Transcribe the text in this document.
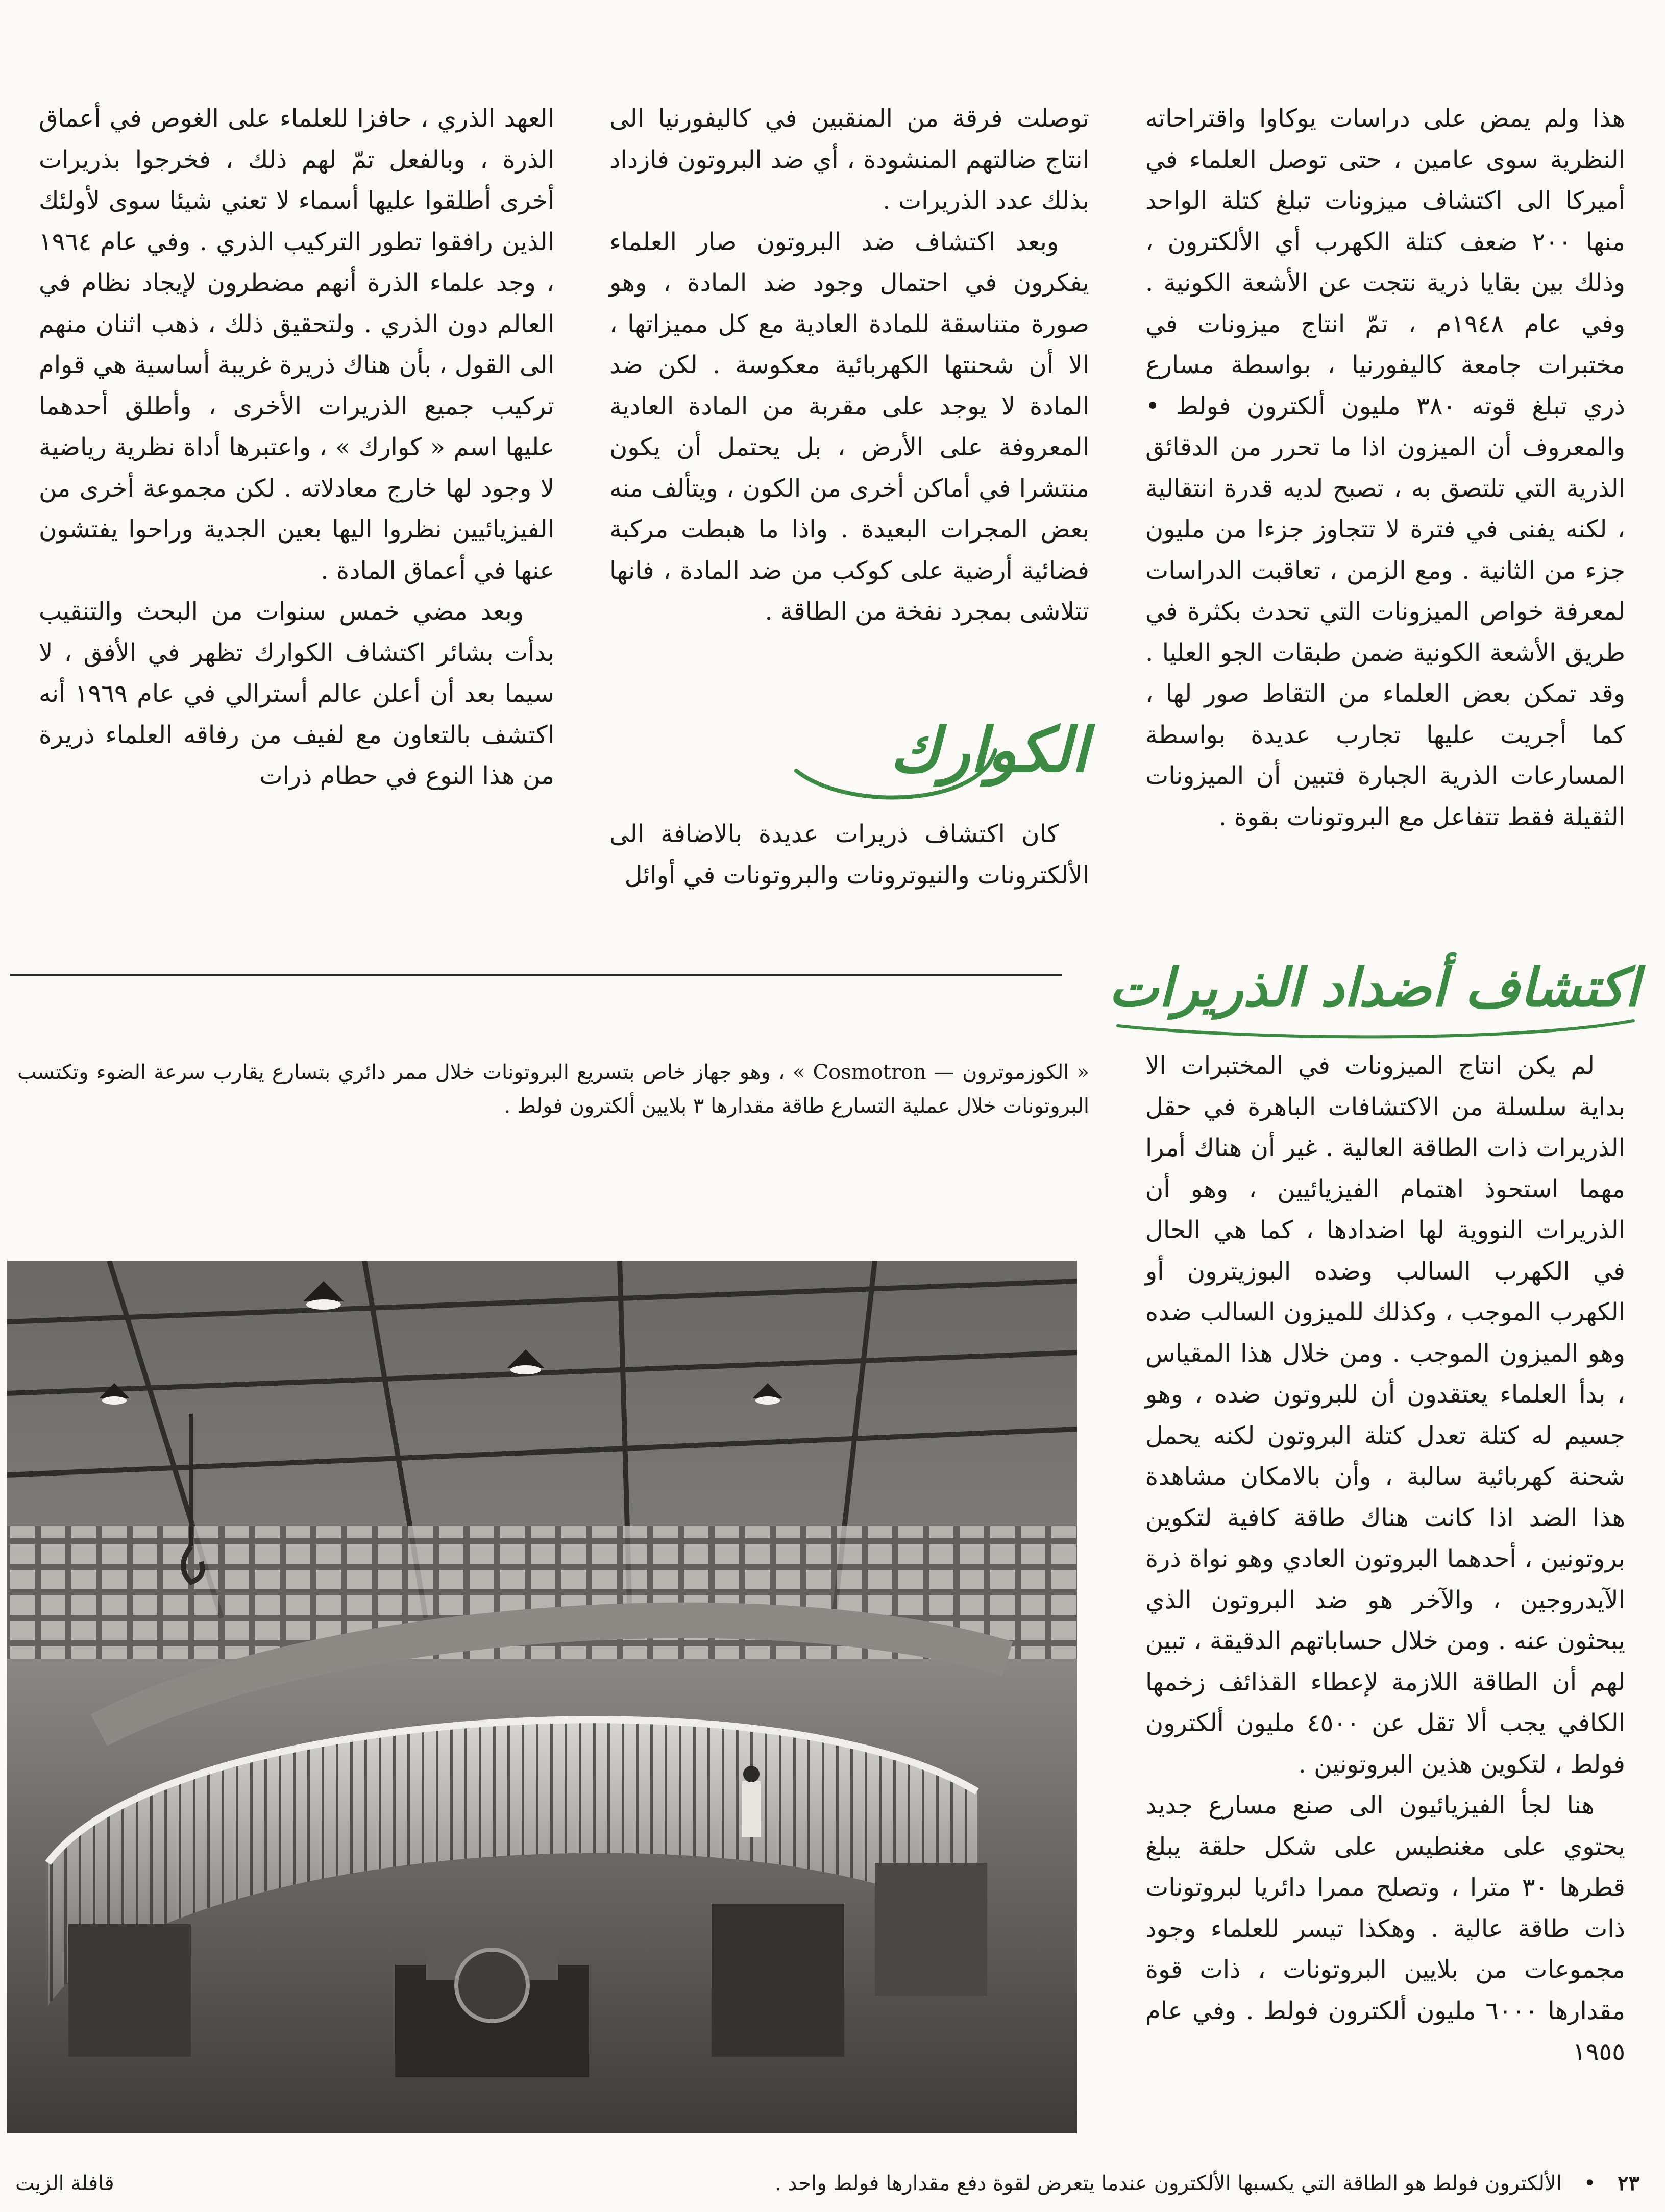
هذا ولم يمض على دراسات يوكاوا واقتراحاته النظرية سوى عامين ، حتى توصل العلماء في أميركا الى اكتشاف ميزونات تبلغ كتلة الواحد منها ٢٠٠ ضعف كتلة الكهرب أي الألكترون ، وذلك بين بقايا ذرية نتجت عن الأشعة الكونية . وفي عام ١٩٤٨م ، تمّ انتاج ميزونات في مختبرات جامعة كاليفورنيا ، بواسطة مسارع ذري تبلغ قوته ٣٨٠ مليون ألكترون فولط • والمعروف أن الميزون اذا ما تحرر من الدقائق الذرية التي تلتصق به ، تصبح لديه قدرة انتقالية ، لكنه يفنى في فترة لا تتجاوز جزءا من مليون جزء من الثانية . ومع الزمن ، تعاقبت الدراسات لمعرفة خواص الميزونات التي تحدث بكثرة في طريق الأشعة الكونية ضمن طبقات الجو العليا . وقد تمكن بعض العلماء من التقاط صور لها ، كما أجريت عليها تجارب عديدة بواسطة المسارعات الذرية الجبارة فتبين أن الميزونات الثقيلة فقط تتفاعل مع البروتونات بقوة .

توصلت فرقة من المنقبين في كاليفورنيا الى انتاج ضالتهم المنشودة ، أي ضد البروتون فازداد بذلك عدد الذريرات .

وبعد اكتشاف ضد البروتون صار العلماء يفكرون في احتمال وجود ضد المادة ، وهو صورة متناسقة للمادة العادية مع كل مميزاتها ، الا أن شحنتها الكهربائية معكوسة . لكن ضد المادة لا يوجد على مقربة من المادة العادية المعروفة على الأرض ، بل يحتمل أن يكون منتشرا في أماكن أخرى من الكون ، ويتألف منه بعض المجرات البعيدة . واذا ما هبطت مركبة فضائية أرضية على كوكب من ضد المادة ، فانها تتلاشى بمجرد نفخة من الطاقة .

الكوارك

كان اكتشاف ذريرات عديدة بالاضافة الى الألكترونات والنيوترونات والبروتونات في أوائل

العهد الذري ، حافزا للعلماء على الغوص في أعماق الذرة ، وبالفعل تمّ لهم ذلك ، فخرجوا بذريرات أخرى أطلقوا عليها أسماء لا تعني شيئا سوى لأولئك الذين رافقوا تطور التركيب الذري . وفي عام ١٩٦٤ ، وجد علماء الذرة أنهم مضطرون لإيجاد نظام في العالم دون الذري . ولتحقيق ذلك ، ذهب اثنان منهم الى القول ، بأن هناك ذريرة غريبة أساسية هي قوام تركيب جميع الذريرات الأخرى ، وأطلق أحدهما عليها اسم « كوارك » ، واعتبرها أداة نظرية رياضية لا وجود لها خارج معادلاته . لكن مجموعة أخرى من الفيزيائيين نظروا اليها بعين الجدية وراحوا يفتشون عنها في أعماق المادة .

وبعد مضي خمس سنوات من البحث والتنقيب بدأت بشائر اكتشاف الكوارك تظهر في الأفق ، لا سيما بعد أن أعلن عالم أسترالي في عام ١٩٦٩ أنه اكتشف بالتعاون مع لفيف من رفاقه العلماء ذريرة من هذا النوع في حطام ذرات

اكتشاف أضداد الذريرات

لم يكن انتاج الميزونات في المختبرات الا بداية سلسلة من الاكتشافات الباهرة في حقل الذريرات ذات الطاقة العالية . غير أن هناك أمرا مهما استحوذ اهتمام الفيزيائيين ، وهو أن الذريرات النووية لها اضدادها ، كما هي الحال في الكهرب السالب وضده البوزيترون أو الكهرب الموجب ، وكذلك للميزون السالب ضده وهو الميزون الموجب . ومن خلال هذا المقياس ، بدأ العلماء يعتقدون أن للبروتون ضده ، وهو جسيم له كتلة تعدل كتلة البروتون لكنه يحمل شحنة كهربائية سالبة ، وأن بالامكان مشاهدة هذا الضد اذا كانت هناك طاقة كافية لتكوين بروتونين ، أحدهما البروتون العادي وهو نواة ذرة الآيدروجين ، والآخر هو ضد البروتون الذي يبحثون عنه . ومن خلال حساباتهم الدقيقة ، تبين لهم أن الطاقة اللازمة لإعطاء القذائف زخمها الكافي يجب ألا تقل عن ٤٥٠٠ مليون ألكترون فولط ، لتكوين هذين البروتونين .

هنا لجأ الفيزيائيون الى صنع مسارع جديد يحتوي على مغنطيس على شكل حلقة يبلغ قطرها ٣٠ مترا ، وتصلح ممرا دائريا لبروتونات ذات طاقة عالية . وهكذا تيسر للعلماء وجود مجموعات من بلايين البروتونات ، ذات قوة مقدارها ٦٠٠٠ مليون ألكترون فولط . وفي عام ١٩٥٥

« الكوزموترون — Cosmotron » ، وهو جهاز خاص بتسريع البروتونات خلال ممر دائري بتسارع يقارب سرعة الضوء وتكتسب البروتونات خلال عملية التسارع طاقة مقدارها ٣ بلايين ألكترون فولط .
٢٣ • الألكترون فولط هو الطاقة التي يكسبها الألكترون عندما يتعرض لقوة دفع مقدارها فولط واحد .
قافلة الزيت
